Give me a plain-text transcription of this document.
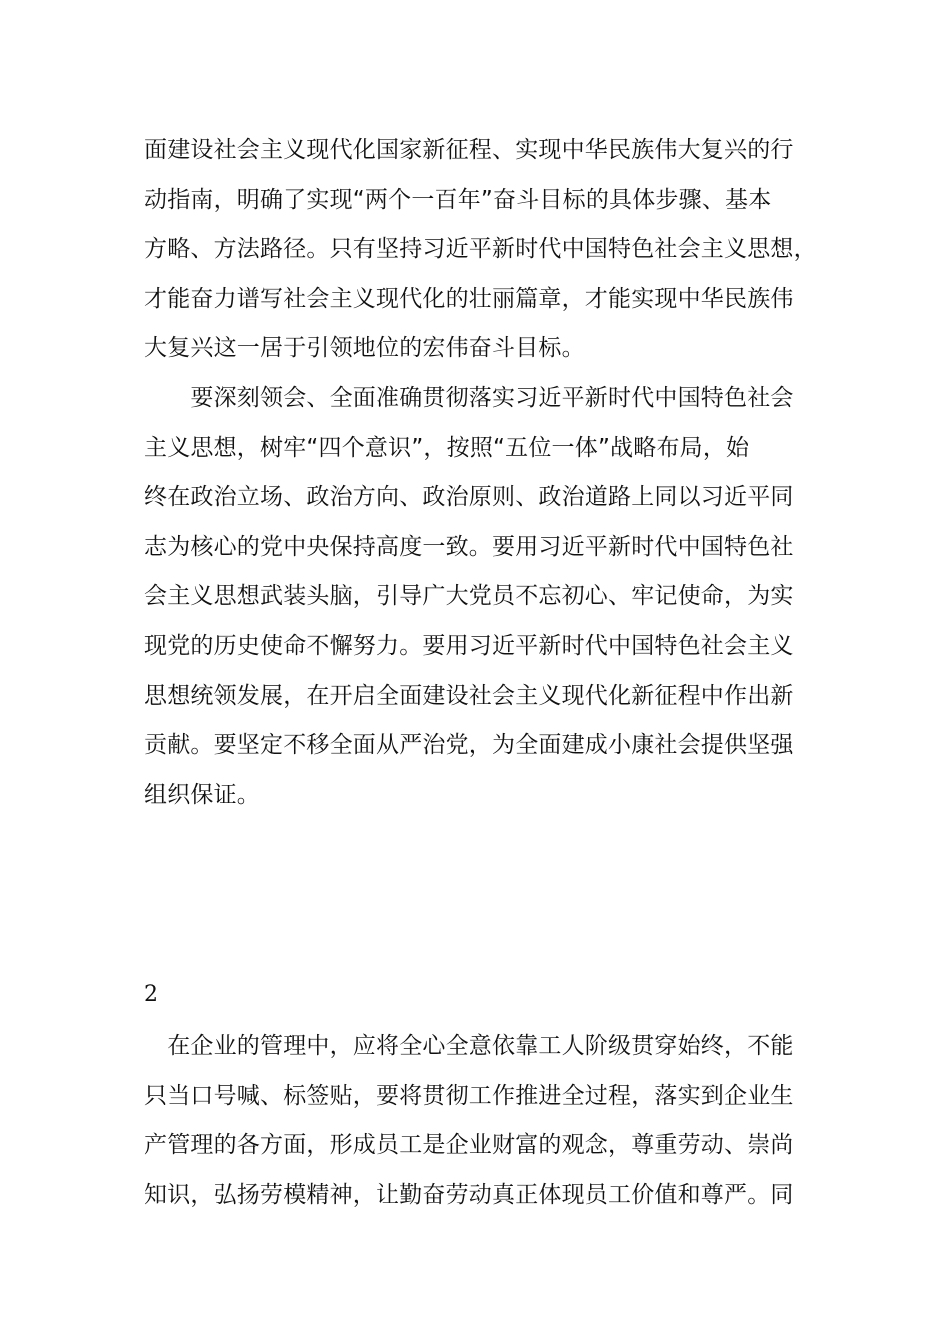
面建设社会主义现代化国家新征程、实现中华民族伟大复兴的行
动指南，明确了实现“两个一百年”奋斗目标的具体步骤、基本
方略、方法路径。只有坚持习近平新时代中国特色社会主义思想，
才能奋力谱写社会主义现代化的壮丽篇章，才能实现中华民族伟
大复兴这一居于引领地位的宏伟奋斗目标。
　　要深刻领会、全面准确贯彻落实习近平新时代中国特色社会
主义思想，树牢“四个意识”，按照“五位一体”战略布局，始
终在政治立场、政治方向、政治原则、政治道路上同以习近平同
志为核心的党中央保持高度一致。要用习近平新时代中国特色社
会主义思想武装头脑，引导广大党员不忘初心、牢记使命，为实
现党的历史使命不懈努力。要用习近平新时代中国特色社会主义
思想统领发展，在开启全面建设社会主义现代化新征程中作出新
贡献。要坚定不移全面从严治党，为全面建成小康社会提供坚强
组织保证。
2
　在企业的管理中，应将全心全意依靠工人阶级贯穿始终，不能
只当口号喊、标签贴，要将贯彻工作推进全过程，落实到企业生
产管理的各方面，形成员工是企业财富的观念，尊重劳动、崇尚
知识，弘扬劳模精神，让勤奋劳动真正体现员工价值和尊严。同
